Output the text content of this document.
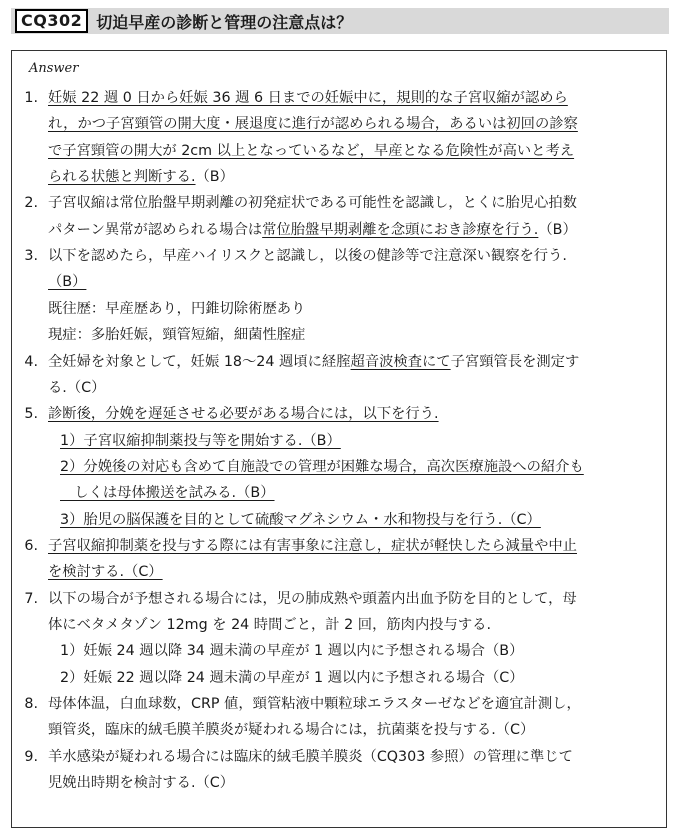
CQ302 切迫早産の診断と管理の注意点は？
Answer
1. 妊娠 22 週 0 日から妊娠 36 週 6 日までの妊娠中に，規則的な子宮収縮が認めら
れ，かつ子宮頸管の開大度・展退度に進行が認められる場合，あるいは初回の診察
で子宮頸管の開大が 2cm 以上となっているなど，早産となる危険性が高いと考え
られる状態と判断する.（B）
2. 子宮収縮は常位胎盤早期剥離の初発症状である可能性を認識し，とくに胎児心拍数
パターン異常が認められる場合は常位胎盤早期剥離を念頭におき診療を行う.（B）
3. 以下を認めたら，早産ハイリスクと認識し，以後の健診等で注意深い観察を行う.
（B）
既往歴：早産歴あり，円錐切除術歴あり
現症：多胎妊娠，頸管短縮，細菌性腟症
4. 全妊婦を対象として，妊娠 18～24 週頃に経腟超音波検査にて子宮頸管長を測定す
る.（C）
5. 診断後，分娩を遅延させる必要がある場合には，以下を行う.
1）子宮収縮抑制薬投与等を開始する.（B）
2）分娩後の対応も含めて自施設での管理が困難な場合，高次医療施設への紹介も
　しくは母体搬送を試みる.（B）
3）胎児の脳保護を目的として硫酸マグネシウム・水和物投与を行う.（C）
6. 子宮収縮抑制薬を投与する際には有害事象に注意し，症状が軽快したら減量や中止
を検討する.（C）
7. 以下の場合が予想される場合には，児の肺成熟や頭蓋内出血予防を目的として，母
体にベタメタゾン 12mg を 24 時間ごと，計 2 回，筋肉内投与する.
1）妊娠 24 週以降 34 週未満の早産が 1 週以内に予想される場合（B）
2）妊娠 22 週以降 24 週未満の早産が 1 週以内に予想される場合（C）
8. 母体体温，白血球数，CRP 値，頸管粘液中顆粒球エラスターゼなどを適宜計測し，
頸管炎，臨床的絨毛膜羊膜炎が疑われる場合には，抗菌薬を投与する.（C）
9. 羊水感染が疑われる場合には臨床的絨毛膜羊膜炎（CQ303 参照）の管理に準じて
児娩出時期を検討する.（C）
